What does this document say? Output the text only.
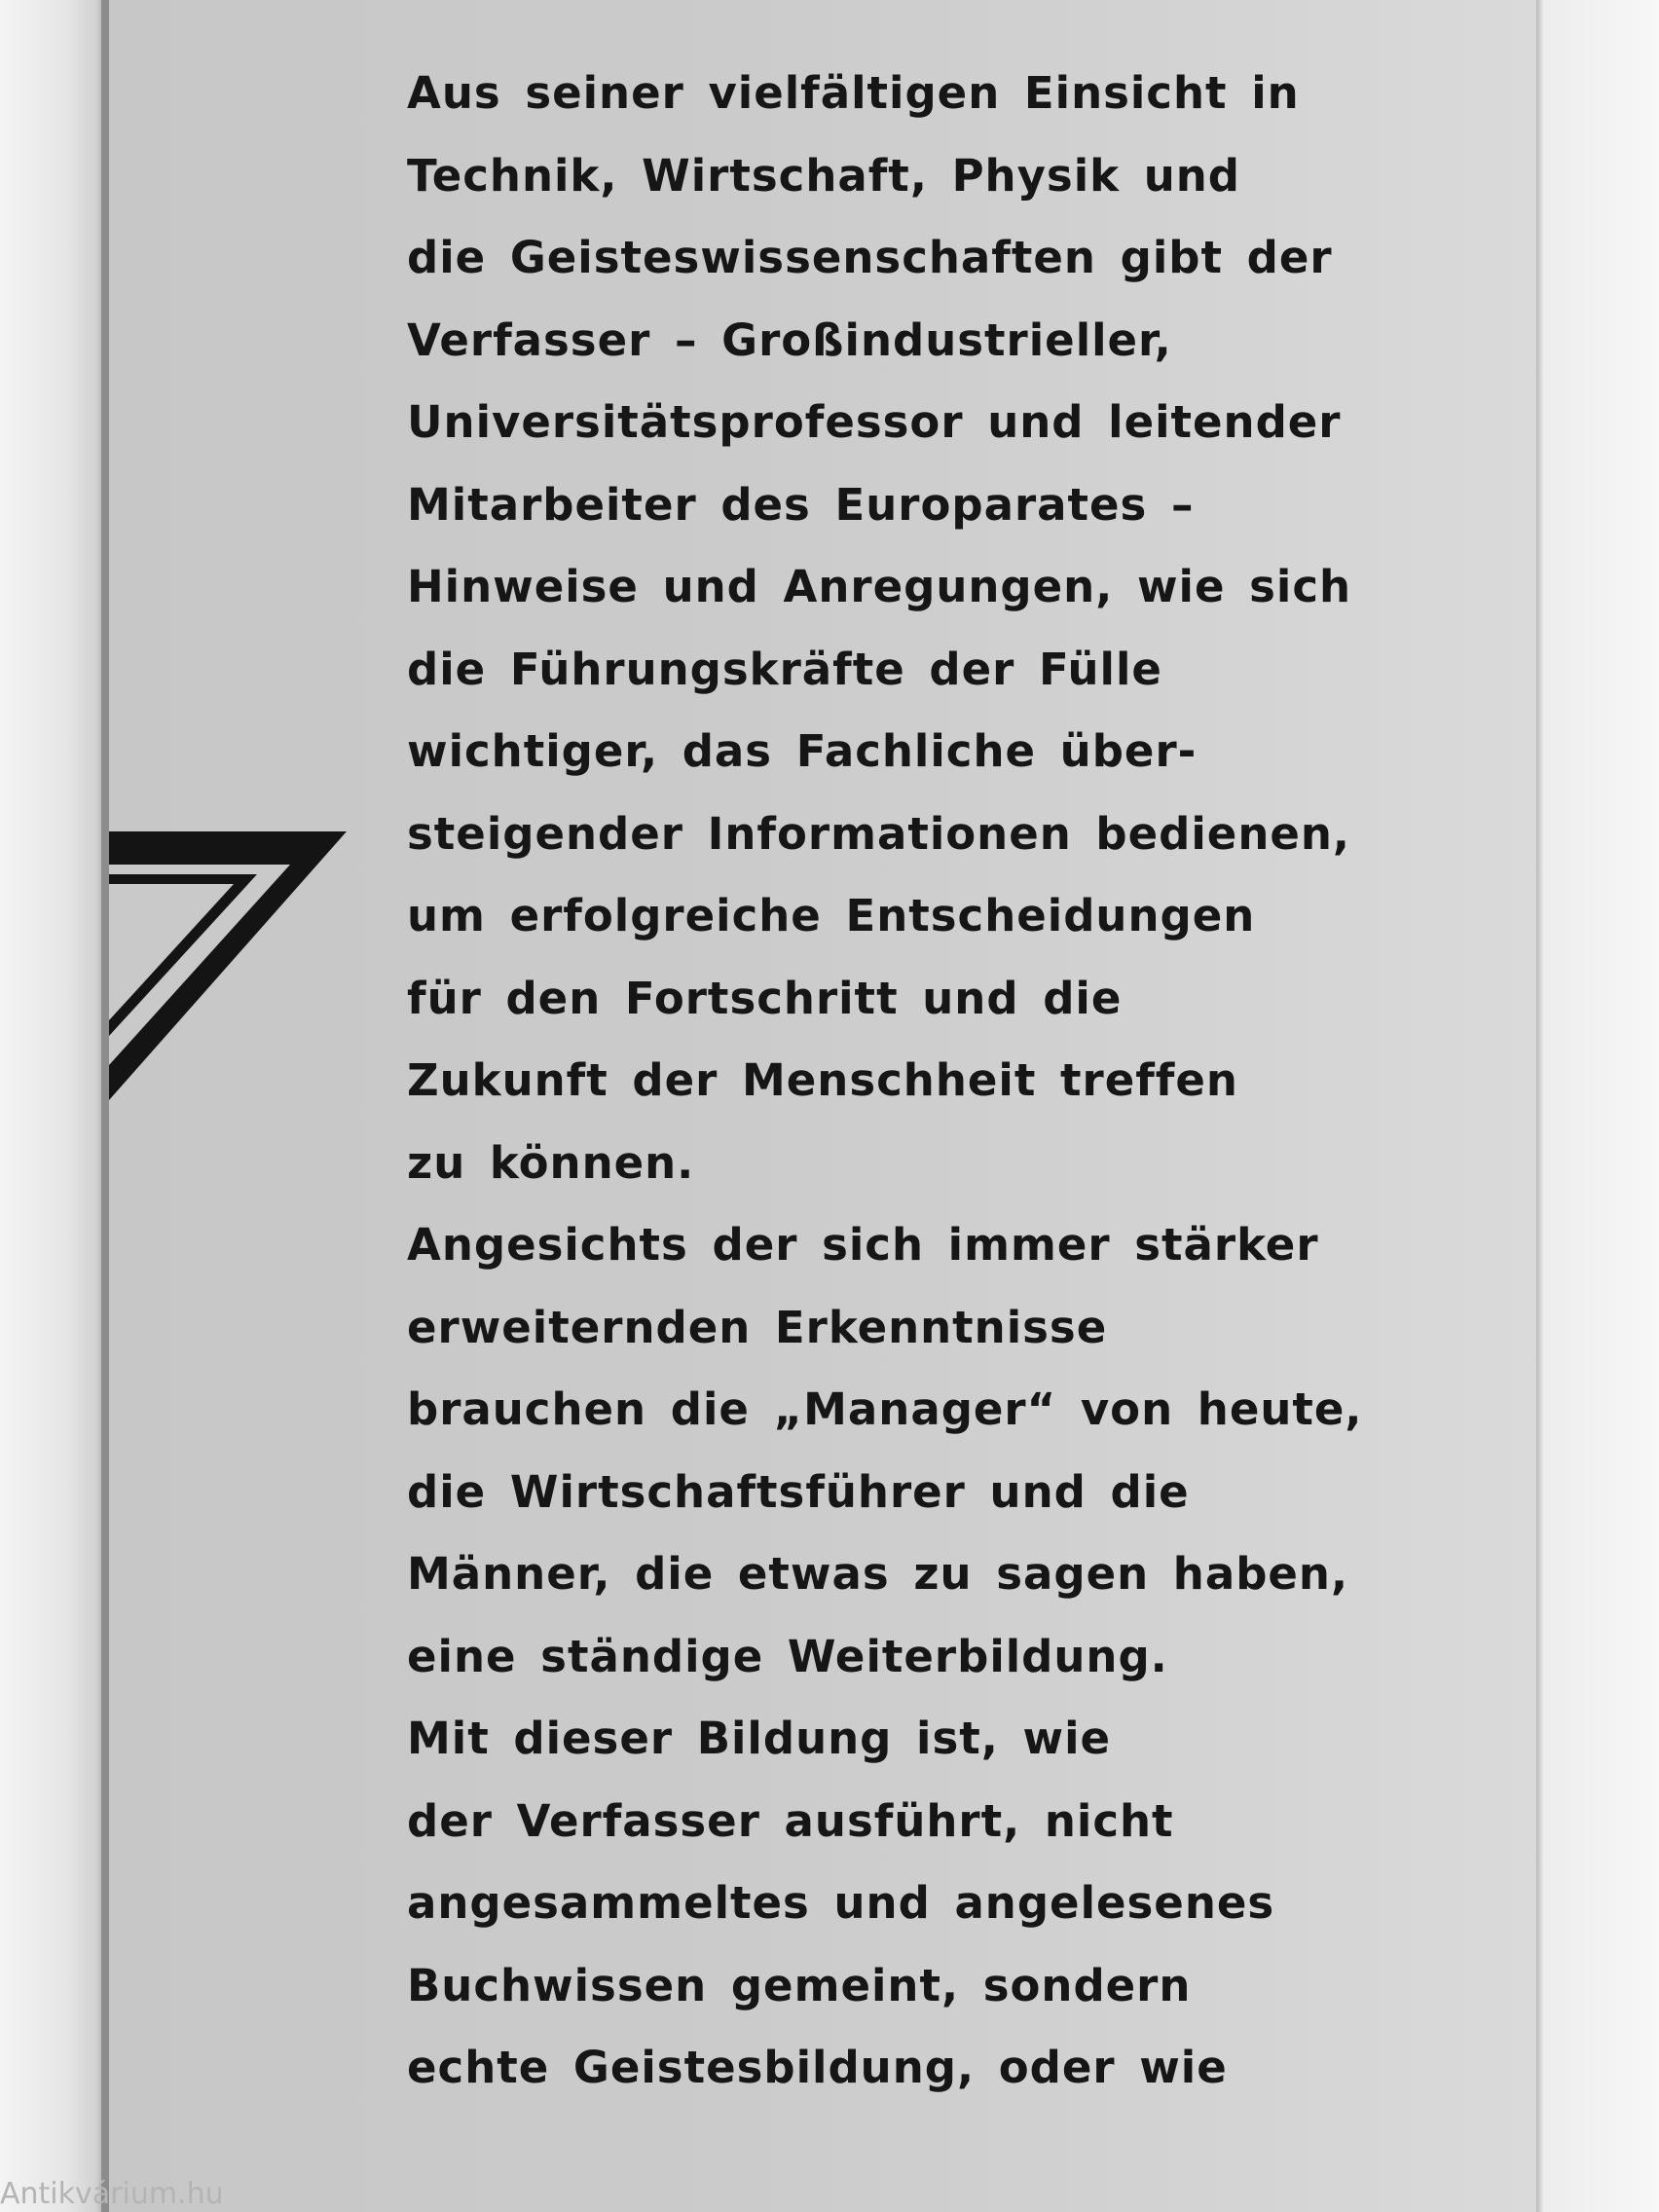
Aus seiner vielfältigen Einsicht in
Technik, Wirtschaft, Physik und
die Geisteswissenschaften gibt der
Verfasser – Großindustrieller,
Universitätsprofessor und leitender
Mitarbeiter des Europarates –
Hinweise und Anregungen, wie sich
die Führungskräfte der Fülle
wichtiger, das Fachliche über-
steigender Informationen bedienen,
um erfolgreiche Entscheidungen
für den Fortschritt und die
Zukunft der Menschheit treffen
zu können.
Angesichts der sich immer stärker
erweiternden Erkenntnisse
brauchen die „Manager“ von heute,
die Wirtschaftsführer und die
Männer, die etwas zu sagen haben,
eine ständige Weiterbildung.
Mit dieser Bildung ist, wie
der Verfasser ausführt, nicht
angesammeltes und angelesenes
Buchwissen gemeint, sondern
echte Geistesbildung, oder wie
Antikvárium.hu
